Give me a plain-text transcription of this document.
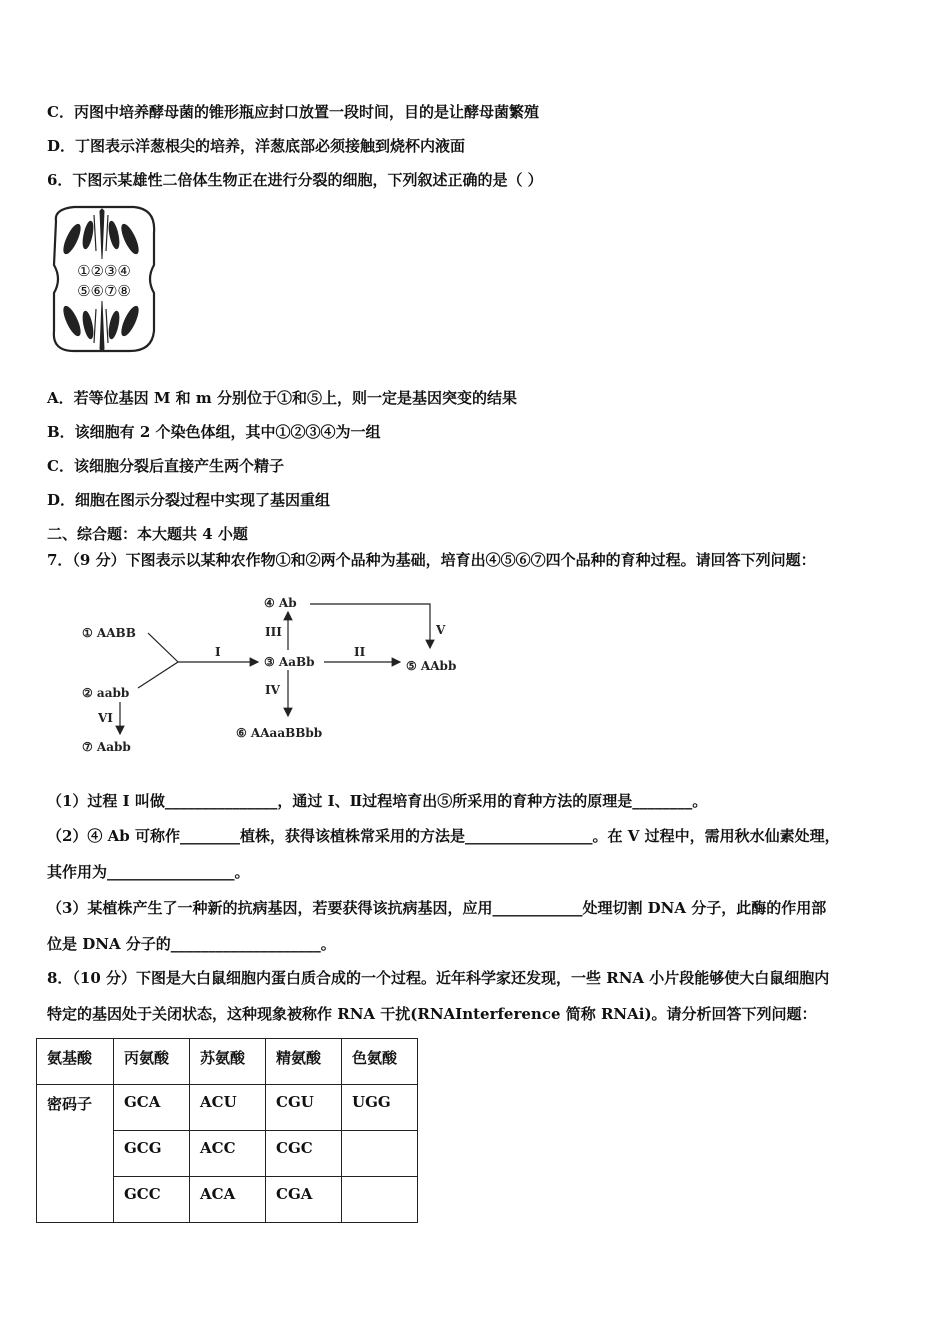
C．丙图中培养酵母菌的锥形瓶应封口放置一段时间，目的是让酵母菌繁殖
D．丁图表示洋葱根尖的培养，洋葱底部必须接触到烧杯内液面
6．下图示某雄性二倍体生物正在进行分裂的细胞，下列叙述正确的是（ ）
①②③④
⑤⑥⑦⑧
A．若等位基因 M 和 m 分别位于①和⑤上，则一定是基因突变的结果
B．该细胞有 2 个染色体组，其中①②③④为一组
C．该细胞分裂后直接产生两个精子
D．细胞在图示分裂过程中实现了基因重组
二、综合题：本大题共 4 小题
7．（9 分）下图表示以某种农作物①和②两个品种为基础，培育出④⑤⑥⑦四个品种的育种过程。请回答下列问题：
① AABB
② aabb
⑦ Aabb
③ AaBb
④ Ab
⑤ AAbb
⑥ AAaaBBbb
I	II
III
IV
V
VI
（1）过程 I 叫做_______________，通过 I、Ⅱ过程培育出⑤所采用的育种方法的原理是________。
（2）④ Ab 可称作________植株，获得该植株常采用的方法是_________________。在 V 过程中，需用秋水仙素处理，
其作用为_________________。
（3）某植株产生了一种新的抗病基因，若要获得该抗病基因，应用____________处理切割 DNA 分子，此酶的作用部
位是 DNA 分子的____________________。
8．（10 分）下图是大白鼠细胞内蛋白质合成的一个过程。近年科学家还发现，一些 RNA 小片段能够使大白鼠细胞内
特定的基因处于关闭状态，这种现象被称作 RNA 干扰(RNAInterference 简称 RNAi)。请分析回答下列问题：
氨基酸	丙氨酸	苏氨酸	精氨酸	色氨酸
密码子	GCA	ACU	CGU	UGG
	GCG	ACC	CGC	
	GCC	ACA	CGA	
